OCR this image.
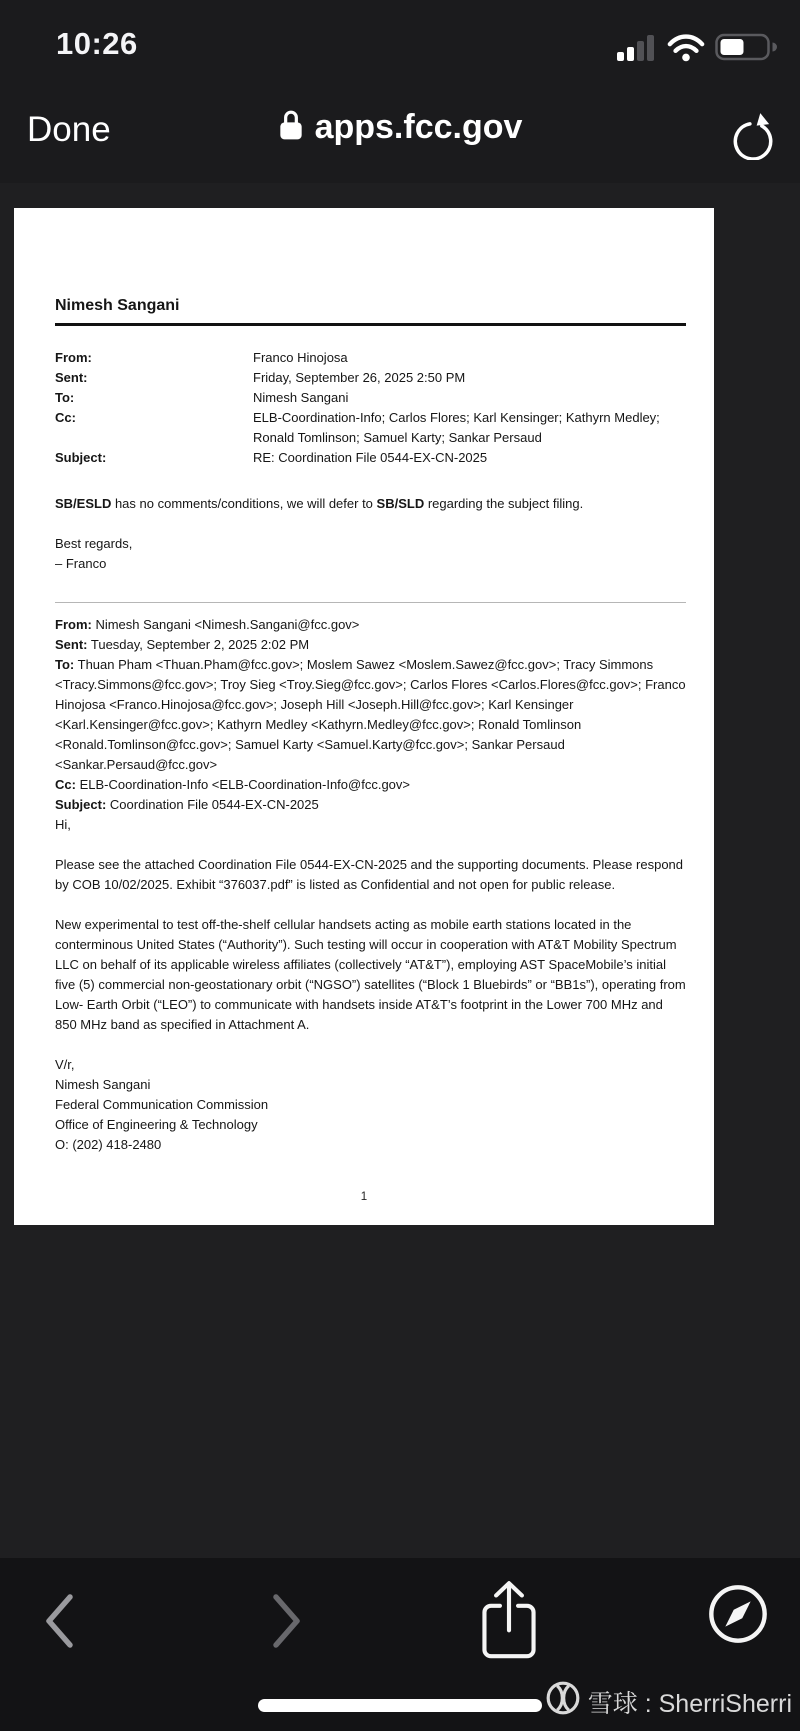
10:26
Done	apps.fcc.gov
Nimesh Sangani
From:	Franco Hinojosa
Sent:	Friday, September 26, 2025 2:50 PM
To:	Nimesh Sangani
Cc:	ELB-Coordination-Info; Carlos Flores; Karl Kensinger; Kathyrn Medley; Ronald Tomlinson; Samuel Karty; Sankar Persaud
Subject:	RE: Coordination File 0544-EX-CN-2025

SB/ESLD has no comments/conditions, we will defer to SB/SLD regarding the subject filing.

Best regards,
– Franco

From: Nimesh Sangani <Nimesh.Sangani@fcc.gov>

Sent: Tuesday, September 2, 2025 2:02 PM

To: Thuan Pham <Thuan.Pham@fcc.gov>; Moslem Sawez <Moslem.Sawez@fcc.gov>; Tracy Simmons <Tracy.Simmons@fcc.gov>; Troy Sieg <Troy.Sieg@fcc.gov>; Carlos Flores <Carlos.Flores@fcc.gov>; Franco Hinojosa <Franco.Hinojosa@fcc.gov>; Joseph Hill <Joseph.Hill@fcc.gov>; Karl Kensinger <Karl.Kensinger@fcc.gov>; Kathyrn Medley <Kathyrn.Medley@fcc.gov>; Ronald Tomlinson <Ronald.Tomlinson@fcc.gov>; Samuel Karty <Samuel.Karty@fcc.gov>; Sankar Persaud <Sankar.Persaud@fcc.gov>

Cc: ELB-Coordination-Info <ELB-Coordination-Info@fcc.gov>

Subject: Coordination File 0544-EX-CN-2025

Hi,

Please see the attached Coordination File 0544-EX-CN-2025 and the supporting documents. Please respond by COB 10/02/2025. Exhibit “376037.pdf” is listed as Confidential and not open for public release.

New experimental to test off-the-shelf cellular handsets acting as mobile earth stations located in the conterminous United States (“Authority”). Such testing will occur in cooperation with AT&T Mobility Spectrum LLC on behalf of its applicable wireless affiliates (collectively “AT&T”), employing AST SpaceMobile’s initial five (5) commercial non-geostationary orbit (“NGSO”) satellites (“Block 1 Bluebirds” or “BB1s”), operating from Low- Earth Orbit (“LEO”) to communicate with handsets inside AT&T’s footprint in the Lower 700 MHz and 850 MHz band as specified in Attachment A.

V/r,
Nimesh Sangani
Federal Communication Commission
Office of Engineering & Technology
O: (202) 418-2480
1
雪球 : SherriSherri
